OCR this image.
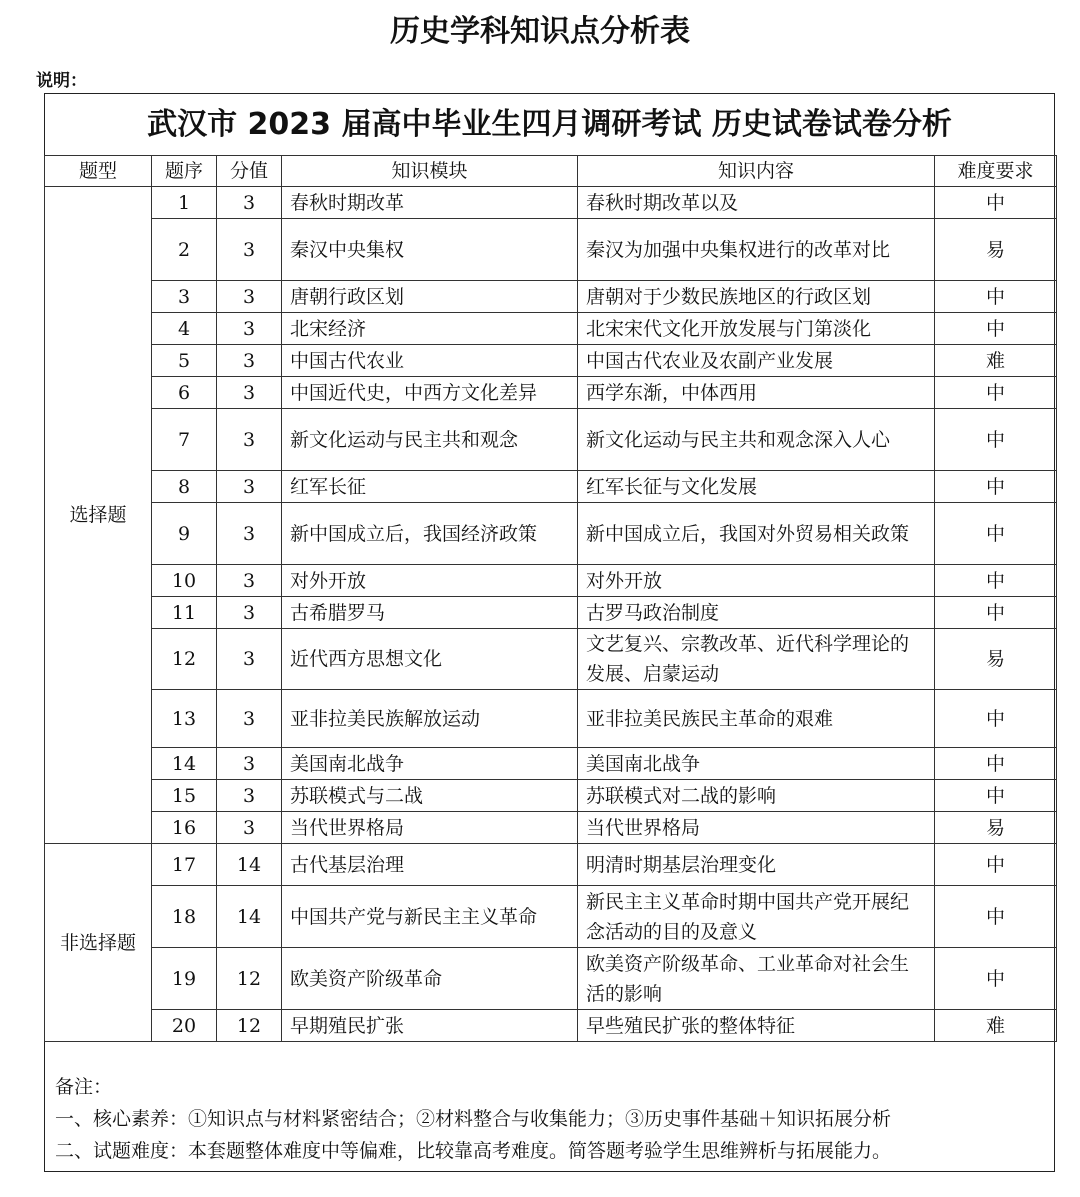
历史学科知识点分析表
说明：
武汉市 2023 届高中毕业生四月调研考试 历史试卷试卷分析
题型	题序	分值	知识模块	知识内容	难度要求
选择题	1	3	春秋时期改革	春秋时期改革以及	中
	2	3	秦汉中央集权	秦汉为加强中央集权进行的改革对比	易
	3	3	唐朝行政区划	唐朝对于少数民族地区的行政区划	中
	4	3	北宋经济	北宋宋代文化开放发展与门第淡化	中
	5	3	中国古代农业	中国古代农业及农副产业发展	难
	6	3	中国近代史，中西方文化差异	西学东渐，中体西用	中
	7	3	新文化运动与民主共和观念	新文化运动与民主共和观念深入人心	中
	8	3	红军长征	红军长征与文化发展	中
	9	3	新中国成立后，我国经济政策	新中国成立后，我国对外贸易相关政策	中
	10	3	对外开放	对外开放	中
	11	3	古希腊罗马	古罗马政治制度	中
	12	3	近代西方思想文化	文艺复兴、宗教改革、近代科学理论的发展、启蒙运动	易
	13	3	亚非拉美民族解放运动	亚非拉美民族民主革命的艰难	中
	14	3	美国南北战争	美国南北战争	中
	15	3	苏联模式与二战	苏联模式对二战的影响	中
	16	3	当代世界格局	当代世界格局	易
非选择题	17	14	古代基层治理	明清时期基层治理变化	中
	18	14	中国共产党与新民主主义革命	新民主主义革命时期中国共产党开展纪念活动的目的及意义	中
	19	12	欧美资产阶级革命	欧美资产阶级革命、工业革命对社会生活的影响	中
	20	12	早期殖民扩张	早些殖民扩张的整体特征	难
备注：
一、核心素养：①知识点与材料紧密结合；②材料整合与收集能力；③历史事件基础＋知识拓展分析
二、试题难度：本套题整体难度中等偏难，比较靠高考难度。简答题考验学生思维辨析与拓展能力。
